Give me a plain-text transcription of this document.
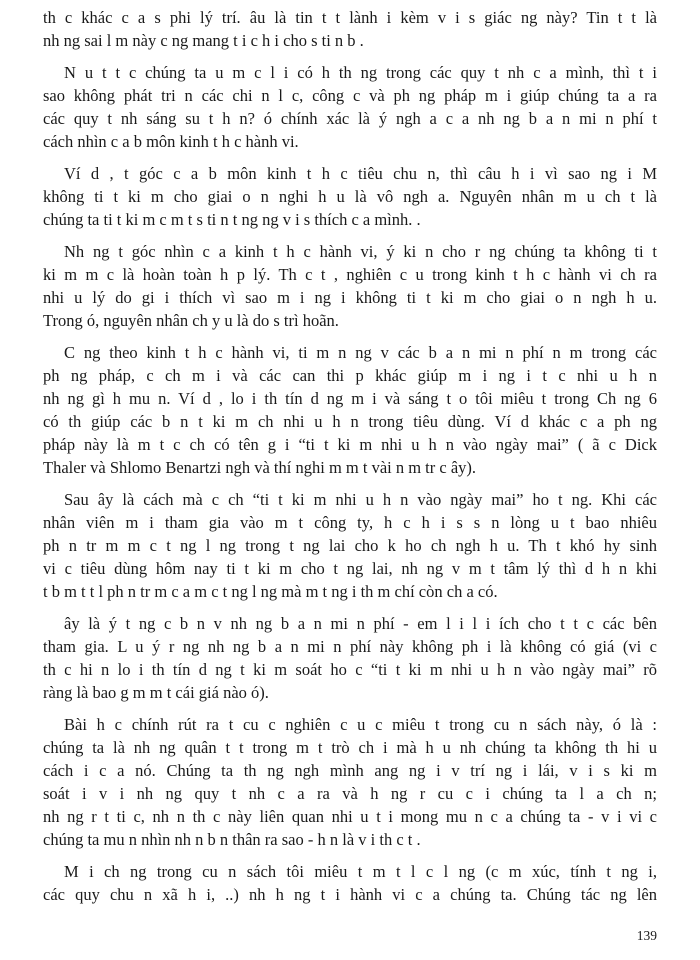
th c khác c a s phi lý trí. âu là tin t t lành i kèm v i s giác ng này? Tin t t là
nh ng sai l m này c ng mang t i c h i cho s ti n b .
N u t t c chúng ta u m c l i có h th ng trong các quy t nh c a mình, thì t i
sao không phát tri n các chi n l c, công c và ph ng pháp m i giúp chúng ta a ra
các quy t nh sáng su t h n? ó chính xác là ý ngh a c a nh ng b a n mi n phí t
cách nhìn c a b môn kinh t h c hành vi.
Ví d , t góc c a b môn kinh t h c tiêu chu n, thì câu h i vì sao ng i M
không ti t ki m cho giai o n nghi h u là vô ngh a. Nguyên nhân m u ch t là
chúng ta ti t ki m c m t s ti n t ng ng v i s thích c a mình. .
Nh ng t góc nhìn c a kinh t h c hành vi, ý ki n cho r ng chúng ta không ti t
ki m m c là hoàn toàn h p lý. Th c t , nghiên c u trong kinh t h c hành vi ch ra
nhi u lý do gi i thích vì sao m i ng i không ti t ki m cho giai o n ngh h u.
Trong ó, nguyên nhân ch y u là do s trì hoãn.
C ng theo kinh t h c hành vi, ti m n ng v các b a n mi n phí n m trong các
ph ng pháp, c ch m i và các can thi p khác giúp m i ng i t c nhi u h n
nh ng gì h mu n. Ví d , lo i th tín d ng m i và sáng t o tôi miêu t trong Ch ng 6
có th giúp các b n t ki m ch nhi u h n trong tiêu dùng. Ví d khác c a ph ng
pháp này là m t c ch có tên g i “ti t ki m nhi u h n vào ngày mai” ( ã c Dick
Thaler và Shlomo Benartzi ngh và thí nghi m m t vài n m tr c ây).
Sau ây là cách mà c ch “ti t ki m nhi u h n vào ngày mai” ho t ng. Khi các
nhân viên m i tham gia vào m t công ty, h c h i s s n lòng u t bao nhiêu
ph n tr m m c t ng l ng trong t ng lai cho k ho ch ngh h u. Th t khó hy sinh
vi c tiêu dùng hôm nay ti t ki m cho t ng lai, nh ng v m t tâm lý thì d h n khi
t b m t t l ph n tr m c a m c t ng l ng mà m t ng i th m chí còn ch a có.
ây là ý t ng c b n v nh ng b a n mi n phí - em l i l i ích cho t t c các bên
tham gia. L u ý r ng nh ng b a n mi n phí này không ph i là không có giá (vi c
th c hi n lo i th tín d ng t ki m soát ho c “ti t ki m nhi u h n vào ngày mai” rõ
ràng là bao g m m t cái giá nào ó).
Bài h c chính rút ra t cu c nghiên c u c miêu t trong cu n sách này, ó là :
chúng ta là nh ng quân t t trong m t trò ch i mà h u nh chúng ta không th hi u
cách i c a nó. Chúng ta th ng ngh mình ang ng i v trí ng i lái, v i s ki m
soát i v i nh ng quy t nh c a ra và h ng r cu c i chúng ta l a ch n;
nh ng r t ti c, nh n th c này liên quan nhi u t i mong mu n c a chúng ta - v i vi c
chúng ta mu n nhìn nh n b n thân ra sao - h n là v i th c t .
M i ch ng trong cu n sách tôi miêu t m t l c l ng (c m xúc, tính t ng i,
các quy chu n xã h i, ..) nh h ng t i hành vi c a chúng ta. Chúng tác ng lên
139
